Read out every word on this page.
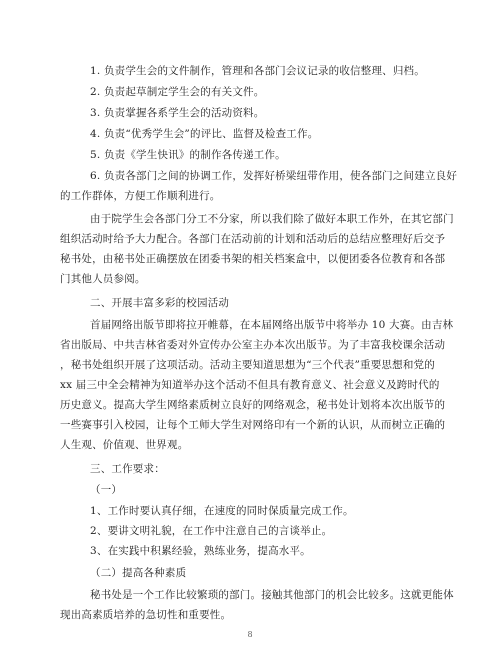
1. 负责学生会的文件制作，管理和各部门会议记录的收信整理、归档。
2. 负责起草制定学生会的有关文件。
3. 负责掌握各系学生会的活动资料。
4. 负责“优秀学生会”的评比、监督及检查工作。
5. 负责《学生快讯》的制作各传递工作。
6. 负责各部门之间的协调工作，发挥好桥梁纽带作用，使各部门之间建立良好
的工作群体，方便工作顺利进行。
由于院学生会各部门分工不分家，所以我们除了做好本职工作外，在其它部门
组织活动时给予大力配合。各部门在活动前的计划和活动后的总结应整理好后交予
秘书处，由秘书处正确摆放在团委书架的相关档案盒中，以便团委各位教育和各部
门其他人员参阅。
二、开展丰富多彩的校园活动
首届网络出版节即将拉开帷幕，在本届网络出版节中将举办 10 大赛。由吉林
省出版局、中共吉林省委对外宣传办公室主办本次出版节。为了丰富我校课余活动
，秘书处组织开展了这项活动。活动主要知道思想为“三个代表”重要思想和党的
xx 届三中全会精神为知道举办这个活动不但具有教育意义、社会意义及跨时代的
历史意义。提高大学生网络素质树立良好的网络观念，秘书处计划将本次出版节的
一些赛事引入校园，让每个工师大学生对网络印有一个新的认识，从而树立正确的
人生观、价值观、世界观。
8
三、工作要求：
（一）
1、工作时要认真仔细，在速度的同时保质量完成工作。
2、要讲文明礼貌，在工作中注意自己的言谈举止。
3、在实践中积累经验，熟练业务，提高水平。
（二）提高各种素质
秘书处是一个工作比较繁琐的部门。接触其他部门的机会比较多。这就更能体
现出高素质培养的急切性和重要性。
